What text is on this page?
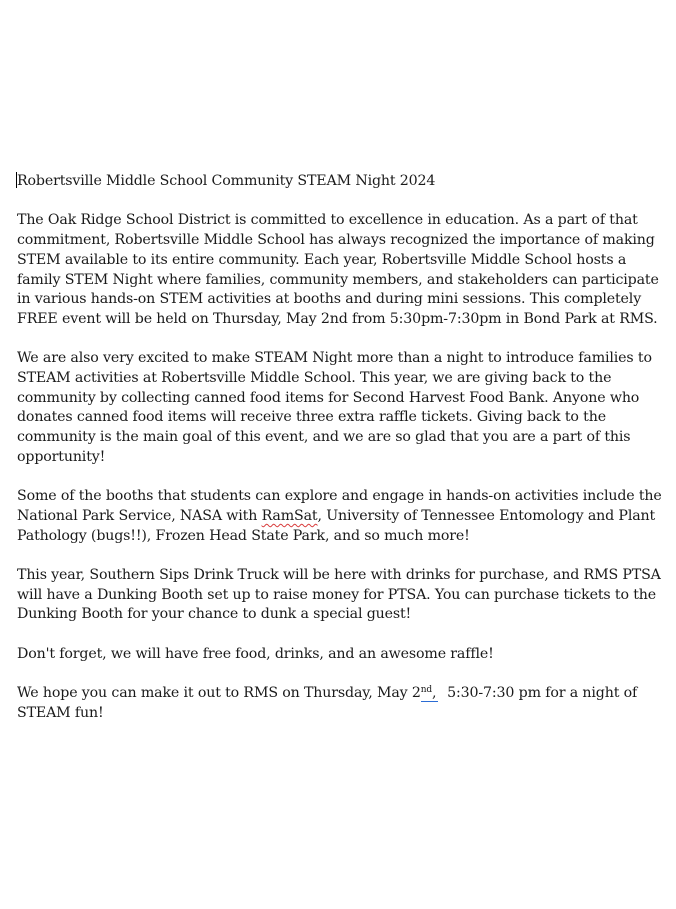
Robertsville Middle School Community STEAM Night 2024

The Oak Ridge School District is committed to excellence in education. As a part of that commitment, Robertsville Middle School has always recognized the importance of making STEM available to its entire community. Each year, Robertsville Middle School hosts a family STEM Night where families, community members, and stakeholders can participate in various hands-on STEM activities at booths and during mini sessions. This completely FREE event will be held on Thursday, May 2nd from 5:30pm-7:30pm in Bond Park at RMS.

We are also very excited to make STEAM Night more than a night to introduce families to STEAM activities at Robertsville Middle School. This year, we are giving back to the community by collecting canned food items for Second Harvest Food Bank. Anyone who donates canned food items will receive three extra raffle tickets. Giving back to the community is the main goal of this event, and we are so glad that you are a part of this opportunity!

Some of the booths that students can explore and engage in hands-on activities include the National Park Service, NASA with RamSat, University of Tennessee Entomology and Plant Pathology (bugs!!), Frozen Head State Park, and so much more!

This year, Southern Sips Drink Truck will be here with drinks for purchase, and RMS PTSA will have a Dunking Booth set up to raise money for PTSA. You can purchase tickets to the Dunking Booth for your chance to dunk a special guest!

Don't forget, we will have free food, drinks, and an awesome raffle!

We hope you can make it out to RMS on Thursday, May 2nd,  5:30-7:30 pm for a night of STEAM fun!
